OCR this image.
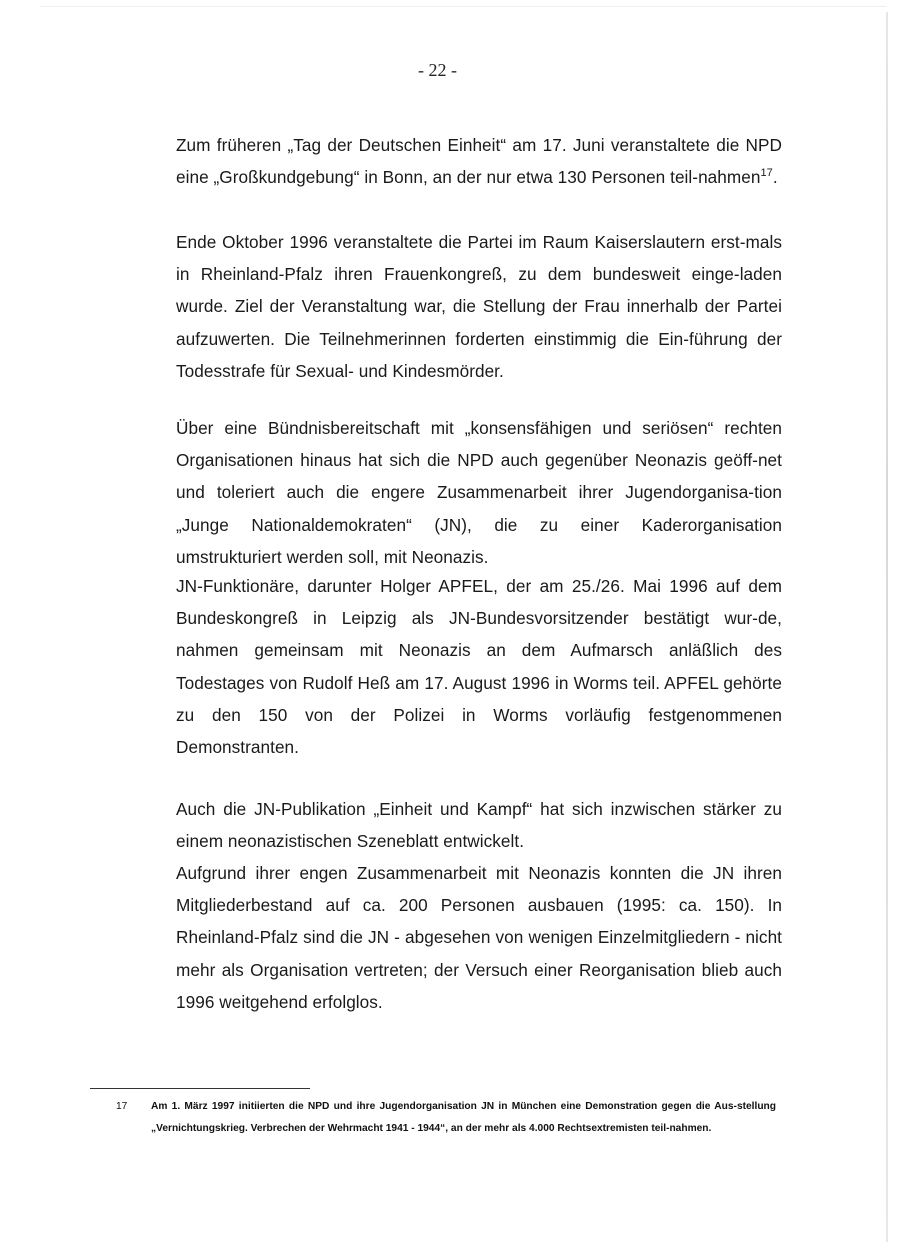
- 22 -

Zum früheren „Tag der Deutschen Einheit“ am 17. Juni veranstaltete die NPD eine „Großkundgebung“ in Bonn, an der nur etwa 130 Personen teil-nahmen$^{17}$.

Ende Oktober 1996 veranstaltete die Partei im Raum Kaiserslautern erst-mals in Rheinland-Pfalz ihren Frauenkongreß, zu dem bundesweit einge-laden wurde. Ziel der Veranstaltung war, die Stellung der Frau innerhalb der Partei aufzuwerten. Die Teilnehmerinnen forderten einstimmig die Ein-führung der Todesstrafe für Sexual- und Kindesmörder.

Über eine Bündnisbereitschaft mit „konsensfähigen und seriösen“ rechten Organisationen hinaus hat sich die NPD auch gegenüber Neonazis geöff-net und toleriert auch die engere Zusammenarbeit ihrer Jugendorganisa-tion „Junge Nationaldemokraten“ (JN), die zu einer Kaderorganisation umstrukturiert werden soll, mit Neonazis.

JN-Funktionäre, darunter Holger APFEL, der am 25./26. Mai 1996 auf dem Bundeskongreß in Leipzig als JN-Bundesvorsitzender bestätigt wur-de, nahmen gemeinsam mit Neonazis an dem Aufmarsch anläßlich des Todestages von Rudolf Heß am 17. August 1996 in Worms teil. APFEL gehörte zu den 150 von der Polizei in Worms vorläufig festgenommenen Demonstranten.

Auch die JN-Publikation „Einheit und Kampf“ hat sich inzwischen stärker zu einem neonazistischen Szeneblatt entwickelt.

Aufgrund ihrer engen Zusammenarbeit mit Neonazis konnten die JN ihren Mitgliederbestand auf ca. 200 Personen ausbauen (1995: ca. 150). In Rheinland-Pfalz sind die JN - abgesehen von wenigen Einzelmitgliedern - nicht mehr als Organisation vertreten; der Versuch einer Reorganisation blieb auch 1996 weitgehend erfolglos.

17 Am 1. März 1997 initiierten die NPD und ihre Jugendorganisation JN in München eine Demonstration gegen die Aus-stellung „Vernichtungskrieg. Verbrechen der Wehrmacht 1941 - 1944“, an der mehr als 4.000 Rechtsextremisten teil-nahmen.
